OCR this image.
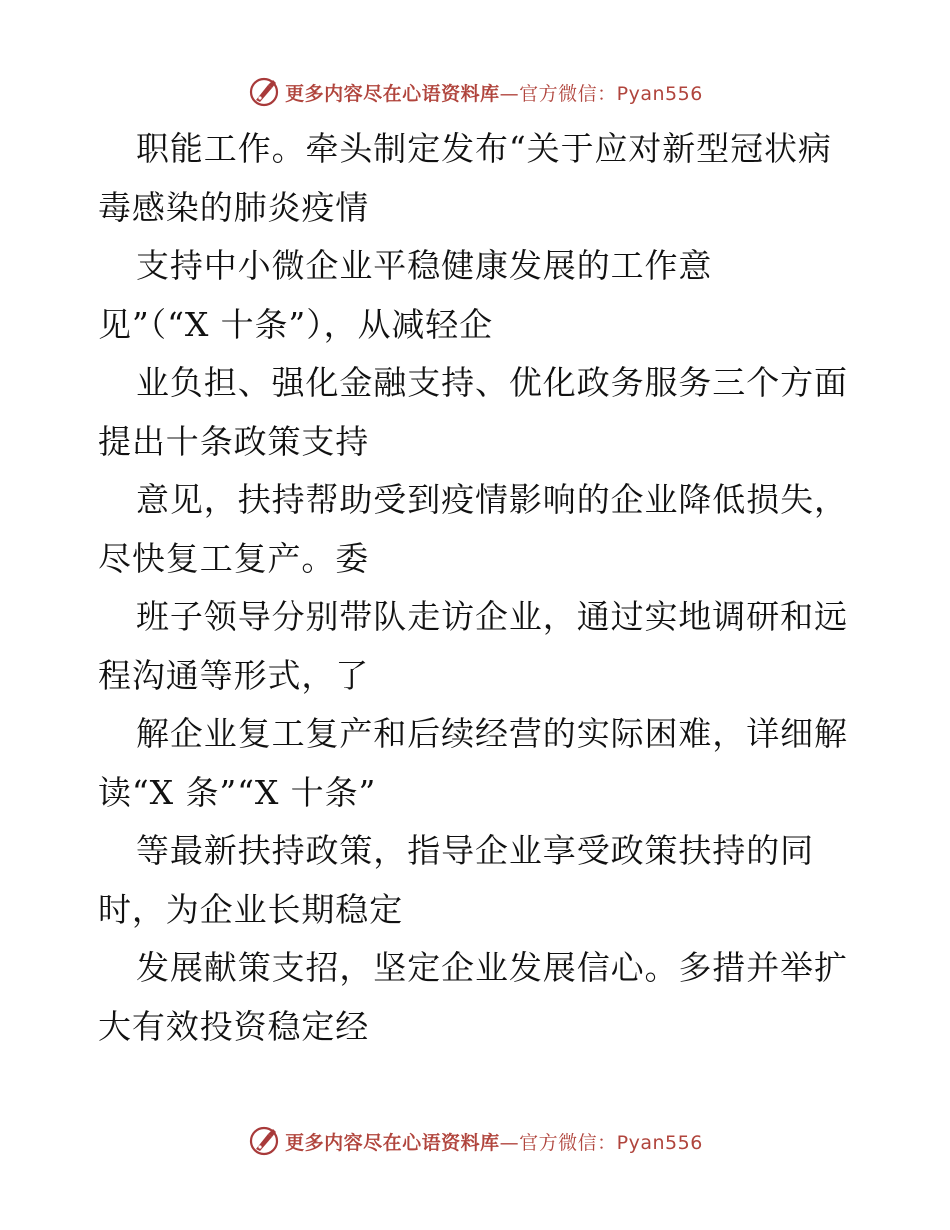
更多内容尽在心语资料库—官方微信：Pyan556
职能工作。牵头制定发布“关于应对新型冠状病
毒感染的肺炎疫情
支持中小微企业平稳健康发展的工作意
见”（“X 十条”），从减轻企
业负担、强化金融支持、优化政务服务三个方面
提出十条政策支持
意见，扶持帮助受到疫情影响的企业降低损失，
尽快复工复产。委
班子领导分别带队走访企业，通过实地调研和远
程沟通等形式，了
解企业复工复产和后续经营的实际困难，详细解
读“X 条”“X 十条”
等最新扶持政策，指导企业享受政策扶持的同
时，为企业长期稳定
发展献策支招，坚定企业发展信心。多措并举扩
大有效投资稳定经
更多内容尽在心语资料库—官方微信：Pyan556
